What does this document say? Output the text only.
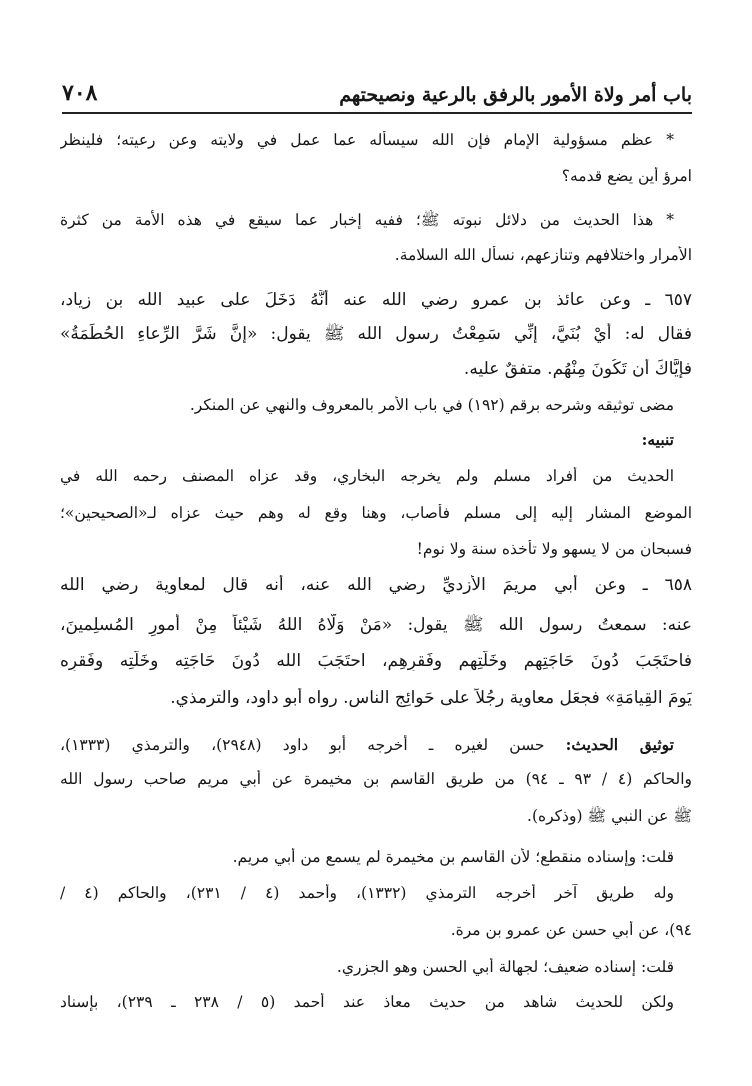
باب أمر ولاة الأمور بالرفق بالرعية ونصيحتهم
٧٠٨
* عظم مسؤولية الإمام فإن الله سيسأله عما عمل في ولايته وعن رعيته؛ فلينظر
امرؤ أين يضع قدمه؟
* هذا الحديث من دلائل نبوته ﷺ؛ ففيه إخبار عما سيقع في هذه الأمة من كثرة
الأمرار واختلافهم وتنازعهم، نسأل الله السلامة.
٦٥٧ ـ وعن عائذ بن عمرو رضي الله عنه أَنَّهُ دَخَلَ على عبيد الله بن زياد،
فقال له: أيْ بُنَيَّ، إنِّي سَمِعْتُ رسول الله ﷺ يقول: «إنَّ شَرَّ الرِّعاءِ الحُطَمَةُ»
فإيَّاكَ أن تَكُونَ مِنْهُم. متفقٌ عليه.
مضى توثيقه وشرحه برقم (١٩٢) في باب الأمر بالمعروف والنهي عن المنكر.
تنبيه:
الحديث من أفراد مسلم ولم يخرجه البخاري، وقد عزاه المصنف رحمه الله في
الموضع المشار إليه إلى مسلم فأصاب، وهنا وقع له وهم حيث عزاه لـ«الصحيحين»؛
فسبحان من لا يسهو ولا تأخذه سنة ولا نوم!
٦٥٨ ـ وعن أبي مريمَ الأزديِّ رضي الله عنه، أنه قال لمعاوية رضي الله
عنه: سمعتُ رسول الله ﷺ يقول: «مَنْ وَلَّاهُ اللهُ شَيْئاً مِنْ أمورِ المُسلِمينَ،
فاحتَجَبَ دُونَ حَاجَتِهِم وخَلَّتِهِم وفَقرِهِم، احتَجَبَ الله دُونَ حَاجَتِه وخَلَّتِه وفَقرِه
يَومَ القِيامَةِ» فجعَل معاوية رجُلاً على حَوائِجِ الناسِ. رواه أبو داود، والترمذي.
توثيق الحديث: حسن لغيره ـ أخرجه أبو داود (٢٩٤٨)، والترمذي (١٣٣٣)،
والحاكم (٤ / ٩٣ ـ ٩٤) من طريق القاسم بن مخيمرة عن أبي مريم صاحب رسول الله
ﷺ عن النبي ﷺ (وذكره).
قلت: وإسناده منقطع؛ لأن القاسم بن مخيمرة لم يسمع من أبي مريم.
وله طريق آخر أخرجه الترمذي (١٣٣٢)، وأحمد (٤ / ٢٣١)، والحاكم (٤ /
٩٤)، عن أبي حسن عن عمرو بن مرة.
قلت: إسناده ضعيف؛ لجهالة أبي الحسن وهو الجزري.
ولكن للحديث شاهد من حديث معاذ عند أحمد (٥ / ٢٣٨ ـ ٢٣٩)، بإسناد
